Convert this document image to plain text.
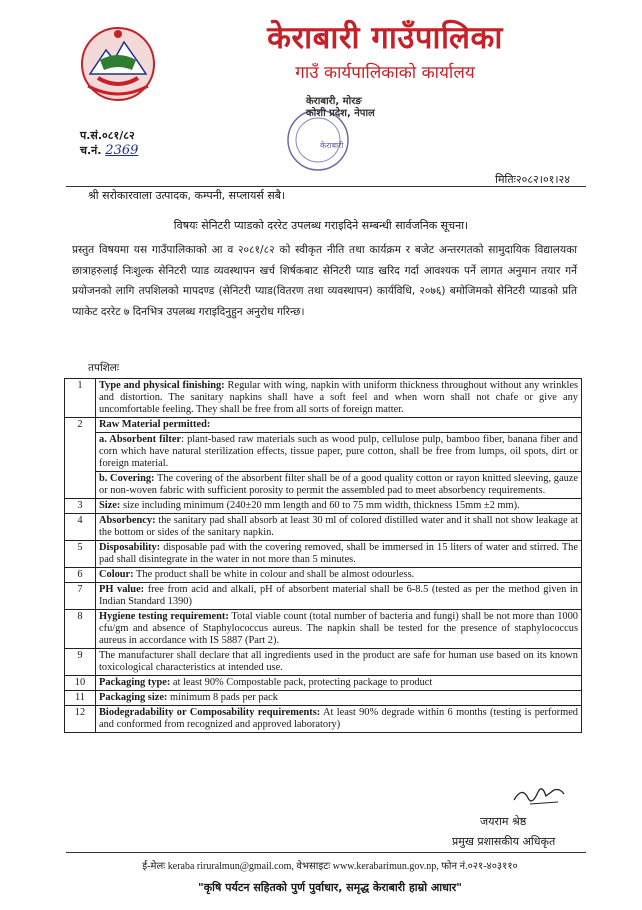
केराबारी गाउँपालिका
गाउँ कार्यपालिकाको कार्यालय
केराबारी, मोरङ
कोशी प्रदेश, नेपाल
केराबारी
प.सं.०८१/८२
च.नं. 2369
मितिः२०८२।०१।२४
श्री सरोकारवाला उत्पादक, कम्पनी, सप्लायर्स सबै।
विषयः सेनिटरी प्याडको दररेट उपलब्ध गराइदिने सम्बन्धी सार्वजनिक सूचना।
प्रस्तुत विषयमा यस गाउँपालिकाको आ व २०८१/८२ को स्वीकृत नीति तथा कार्यक्रम र बजेट अन्तरगतको सामुदायिक विद्यालयका छात्राहरुलाई निःशुल्क सेनिटरी प्याड व्यवस्थापन खर्च शिर्षकबाट सेनिटरी प्याड खरिद गर्दा आवश्यक पर्ने लागत अनुमान तयार गर्ने प्रयोजनको लागि तपशिलको मापदण्ड (सेनिटरी प्याड(वितरण तथा व्यवस्थापन) कार्यविधि, २०७६) बमोजिमको सेनिटरी प्याडको प्रति प्याकेट दररेट ७ दिनभित्र उपलब्ध गराइदिनुहुन अनुरोध गरिन्छ।
तपशिलः
1	Type and physical finishing: Regular with wing, napkin with uniform thickness throughout without any wrinkles and distortion. The sanitary napkins shall have a soft feel and when worn shall not chafe or give any uncomfortable feeling. They shall be free from all sorts of foreign matter.
2	Raw Material permitted:
	a. Absorbent filter: plant-based raw materials such as wood pulp, cellulose pulp, bamboo fiber, banana fiber and corn which have natural sterilization effects, tissue paper, pure cotton, shall be free from lumps, oil spots, dirt or foreign material.
	b. Covering: The covering of the absorbent filter shall be of a good quality cotton or rayon knitted sleeving, gauze or non-woven fabric with sufficient porosity to permit the assembled pad to meet absorbency requirements.
3	Size: size including minimum (240±20 mm length and 60 to 75 mm width, thickness 15mm ±2 mm).
4	Absorbency: the sanitary pad shall absorb at least 30 ml of colored distilled water and it shall not show leakage at the bottom or sides of the sanitary napkin.
5	Disposability: disposable pad with the covering removed, shall be immersed in 15 liters of water and stirred. The pad shall disintegrate in the water in not more than 5 minutes.
6	Colour: The product shall be white in colour and shall be almost odourless.
7	PH value: free from acid and alkali, pH of absorbent material shall be 6-8.5 (tested as per the method given in Indian Standard 1390)
8	Hygiene testing requirement: Total viable count (total number of bacteria and fungi) shall be not more than 1000 cfu/gm and absence of Staphylococcus aureus. The napkin shall be tested for the presence of staphylococcus aureus in accordance with IS 5887 (Part 2).
9	The manufacturer shall declare that all ingredients used in the product are safe for human use based on its known toxicological characteristics at intended use.
10	Packaging type: at least 90% Compostable pack, protecting package to product
11	Packaging size: minimum 8 pads per pack
12	Biodegradability or Composability requirements: At least 90% degrade within 6 months (testing is performed and conformed from recognized and approved laboratory)
जयराम श्रेष्ठ
प्रमुख प्रशासकीय अधिकृत
ई-मेलः keraba riruralmun@gmail.com, वेभसाइटः www.kerabarimun.gov.np, फोन नं.०२१-४०३११०
"कृषि पर्यटन सहितको पुर्ण पुर्वाधार, समृद्ध केराबारी हाम्रो आधार"
